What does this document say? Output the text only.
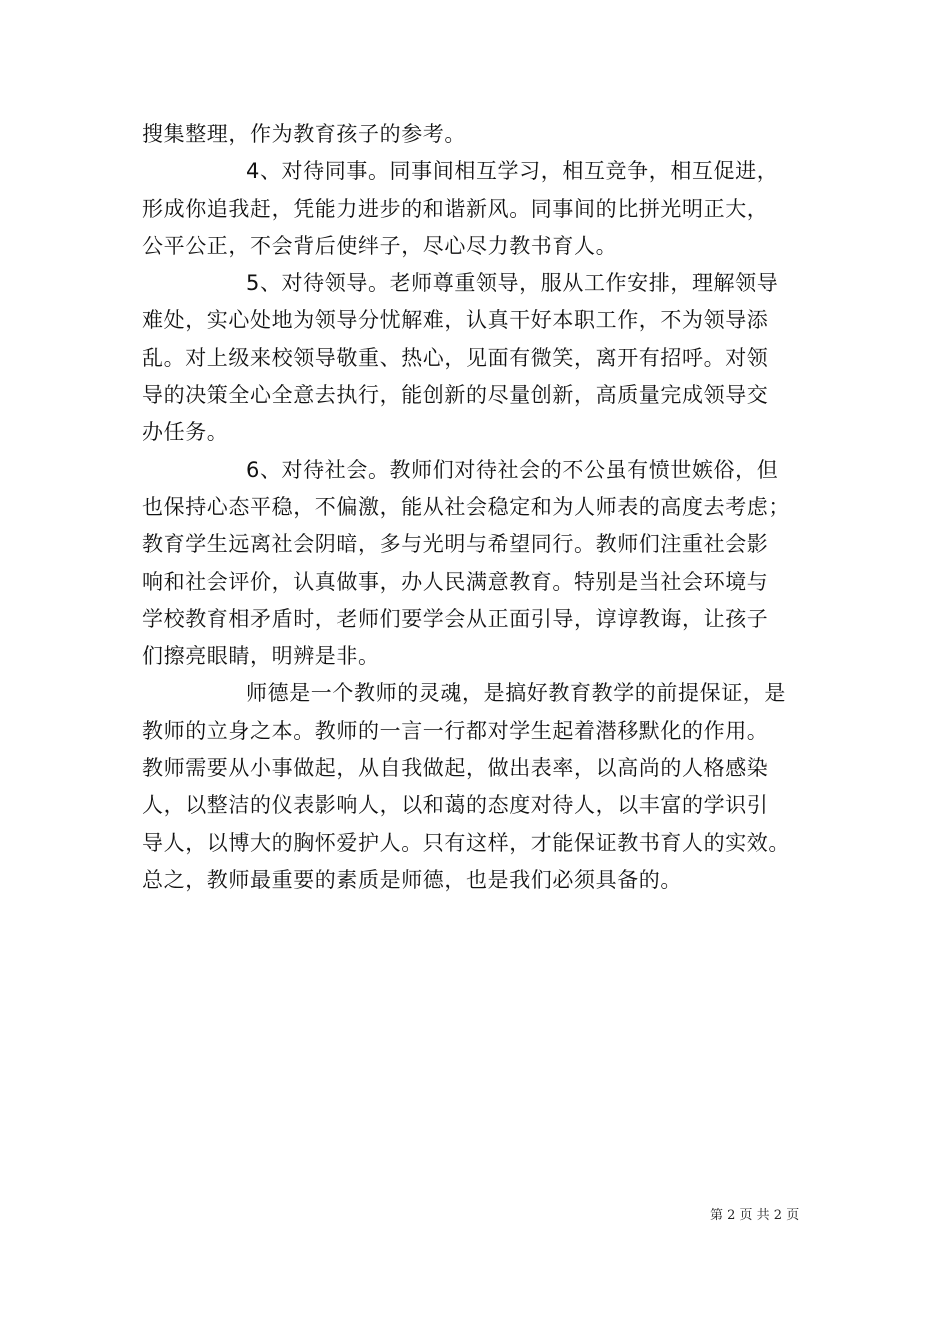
搜集整理，作为教育孩子的参考。
4、对待同事。同事间相互学习，相互竞争，相互促进，
形成你追我赶，凭能力进步的和谐新风。同事间的比拼光明正大，
公平公正，不会背后使绊子，尽心尽力教书育人。
5、对待领导。老师尊重领导，服从工作安排，理解领导
难处，实心处地为领导分忧解难，认真干好本职工作，不为领导添
乱。对上级来校领导敬重、热心，见面有微笑，离开有招呼。对领
导的决策全心全意去执行，能创新的尽量创新，高质量完成领导交
办任务。
6、对待社会。教师们对待社会的不公虽有愤世嫉俗，但
也保持心态平稳，不偏激，能从社会稳定和为人师表的高度去考虑；
教育学生远离社会阴暗，多与光明与希望同行。教师们注重社会影
响和社会评价，认真做事，办人民满意教育。特别是当社会环境与
学校教育相矛盾时，老师们要学会从正面引导，谆谆教诲，让孩子
们擦亮眼睛，明辨是非。
师德是一个教师的灵魂，是搞好教育教学的前提保证，是
教师的立身之本。教师的一言一行都对学生起着潜移默化的作用。
教师需要从小事做起，从自我做起，做出表率，以高尚的人格感染
人，以整洁的仪表影响人，以和蔼的态度对待人，以丰富的学识引
导人，以博大的胸怀爱护人。只有这样，才能保证教书育人的实效。
总之，教师最重要的素质是师德，也是我们必须具备的。
第 2 页 共 2 页
